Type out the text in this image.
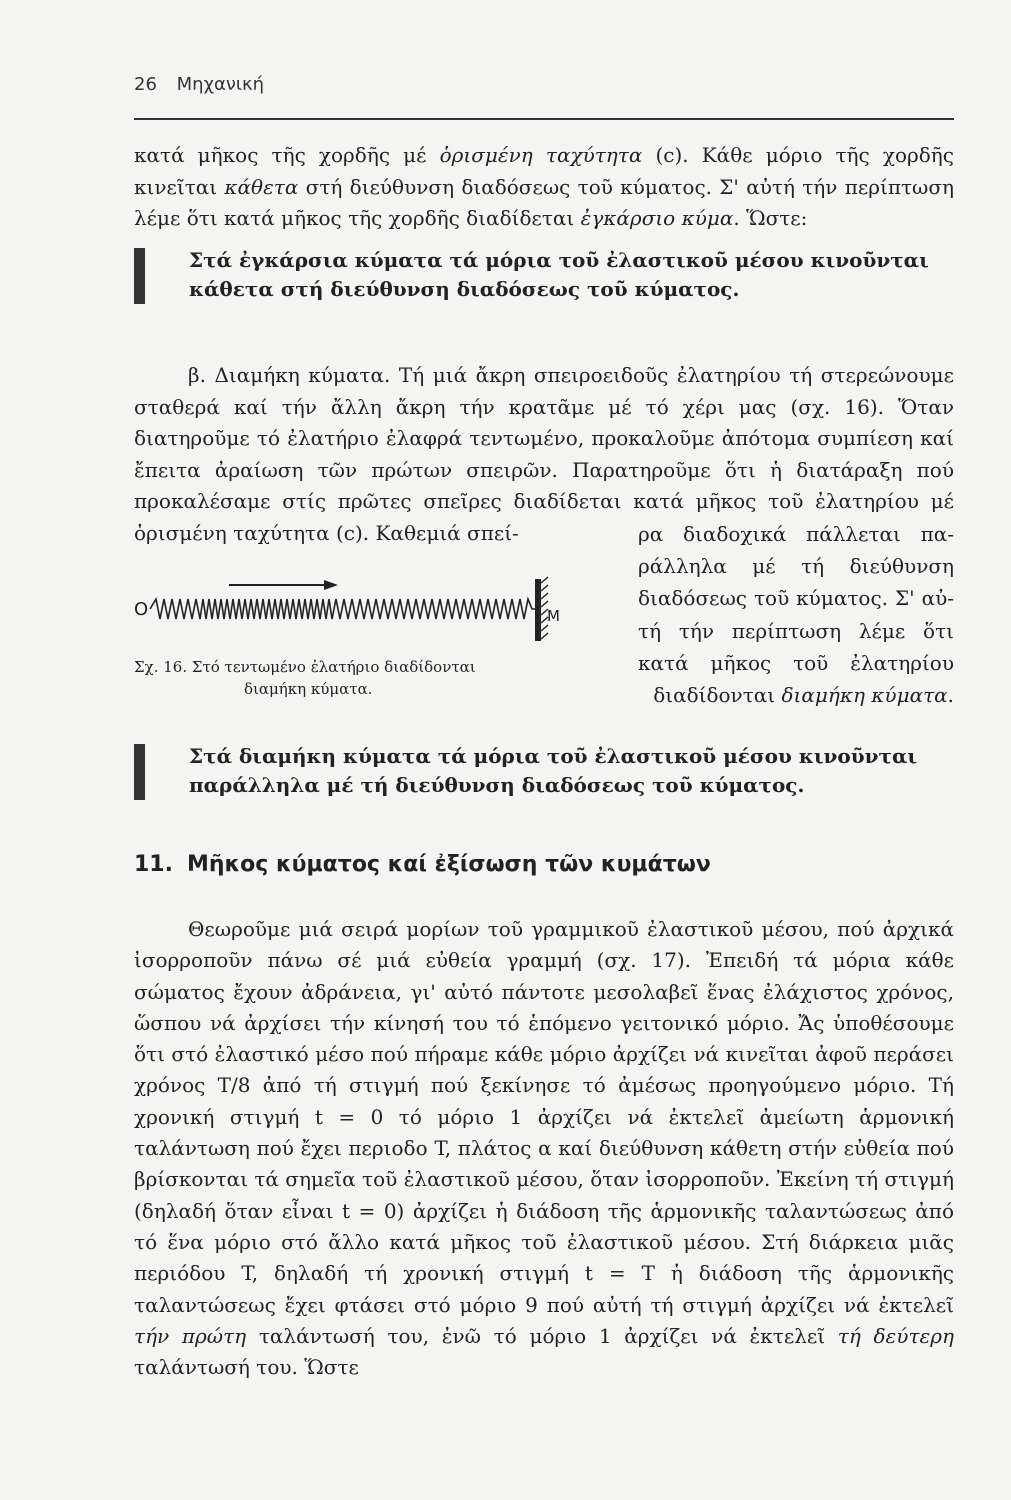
26 Μηχανική

κατά μῆκος τῆς χορδῆς μέ ὁρισμένη ταχύτητα (c). Κάθε μόριο τῆς χορδῆς κινεῖται κάθετα στή διεύθυνση διαδόσεως τοῦ κύματος. Σ' αὐτή τήν περίπτωση λέμε ὅτι κατά μῆκος τῆς χορδῆς διαδίδεται ἐγκάρσιο κύμα. Ὥστε:

Στά ἐγκάρσια κύματα τά μόρια τοῦ ἐλαστικοῦ μέσου κινοῦνται κάθετα στή διεύθυνση διαδόσεως τοῦ κύματος.

β. Διαμήκη κύματα. Τή μιά ἄκρη σπειροειδοῦς ἐλατηρίου τή στερεώνουμε σταθερά καί τήν ἄλλη ἄκρη τήν κρατᾶμε μέ τό χέρι μας (σχ. 16). Ὅταν διατηροῦμε τό ἐλατήριο ἐλαφρά τεντωμένο, προκαλοῦμε ἀπότομα συμπίεση καί ἔπειτα ἀραίωση τῶν πρώτων σπειρῶν. Παρατηροῦμε ὅτι ἡ διατάραξη πού προκαλέσαμε στίς πρῶτες σπεῖρες διαδίδεται κατά μῆκος τοῦ ἐλατηρίου μέ ὁρισμένη ταχύτητα (c). Καθεμιά σπεί-

O	M
Σχ. 16. Στό τεντωμένο ἐλατήριο διαδίδονται
διαμήκη κύματα.

ρα διαδοχικά πάλλεται πα-
ράλληλα μέ τή διεύθυνση
διαδόσεως τοῦ κύματος. Σ' αὐ-
τή τήν περίπτωση λέμε ὅτι
κατά μῆκος τοῦ ἐλατηρίου
διαδίδονται διαμήκη κύματα.

Στά διαμήκη κύματα τά μόρια τοῦ ἐλαστικοῦ μέσου κινοῦνται παράλληλα μέ τή διεύθυνση διαδόσεως τοῦ κύματος.

11. Μῆκος κύματος καί ἐξίσωση τῶν κυμάτων

Θεωροῦμε μιά σειρά μορίων τοῦ γραμμικοῦ ἐλαστικοῦ μέσου, πού ἀρχικά ἰσορροποῦν πάνω σέ μιά εὐθεία γραμμή (σχ. 17). Ἐπειδή τά μόρια κάθε σώματος ἔχουν ἀδράνεια, γι' αὐτό πάντοτε μεσολαβεῖ ἕνας ἐλάχιστος χρόνος, ὥσπου νά ἀρχίσει τήν κίνησή του τό ἑπόμενο γειτονικό μόριο. Ἄς ὑποθέσουμε ὅτι στό ἐλαστικό μέσο πού πήραμε κάθε μόριο ἀρχίζει νά κινεῖται ἀφοῦ περάσει χρόνος T/8 ἀπό τή στιγμή πού ξεκίνησε τό ἀμέσως προηγούμενο μόριο. Τή χρονική στιγμή t = 0 τό μόριο 1 ἀρχίζει νά ἐκτελεῖ ἀμείωτη ἁρμονική ταλάντωση πού ἔχει περιοδο T, πλάτος α καί διεύθυνση κάθετη στήν εὐθεία πού βρίσκονται τά σημεῖα τοῦ ἐλαστικοῦ μέσου, ὅταν ἰσορροποῦν. Ἐκείνη τή στιγμή (δηλαδή ὅταν εἶναι t = 0) ἀρχίζει ἡ διάδοση τῆς ἁρμονικῆς ταλαντώσεως ἀπό τό ἕνα μόριο στό ἄλλο κατά μῆκος τοῦ ἐλαστικοῦ μέσου. Στή διάρκεια μιᾶς περιόδου T, δηλαδή τή χρονική στιγμή t = T ἡ διάδοση τῆς ἁρμονικῆς ταλαντώσεως ἔχει φτάσει στό μόριο 9 πού αὐτή τή στιγμή ἀρχίζει νά ἐκτελεῖ τήν πρώτη ταλάντωσή του, ἐνῶ τό μόριο 1 ἀρχίζει νά ἐκτελεῖ τή δεύτερη ταλάντωσή του. Ὥστε
